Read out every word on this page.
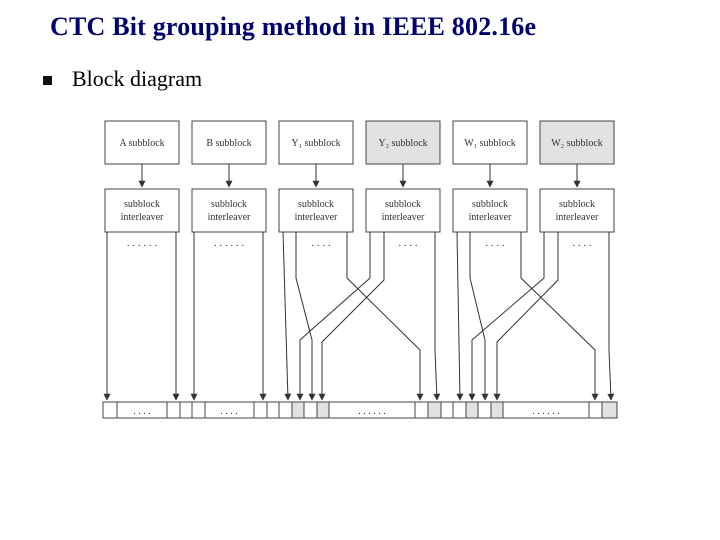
CTC Bit grouping method in IEEE 802.16e
Block diagram
A subblock	B subblock	Y₁ subblock	Y₂ subblock	W₁ subblock	W₂ subblock
subblock
interleaver
subblock
interleaver
subblock
interleaver
subblock
interleaver
subblock
interleaver
subblock
interleaver
. . . . . .	. . . . . .	. . . .	. . . .	. . . .	. . . .
. . . .	. . . .	. . . . . .	. . . . . .
